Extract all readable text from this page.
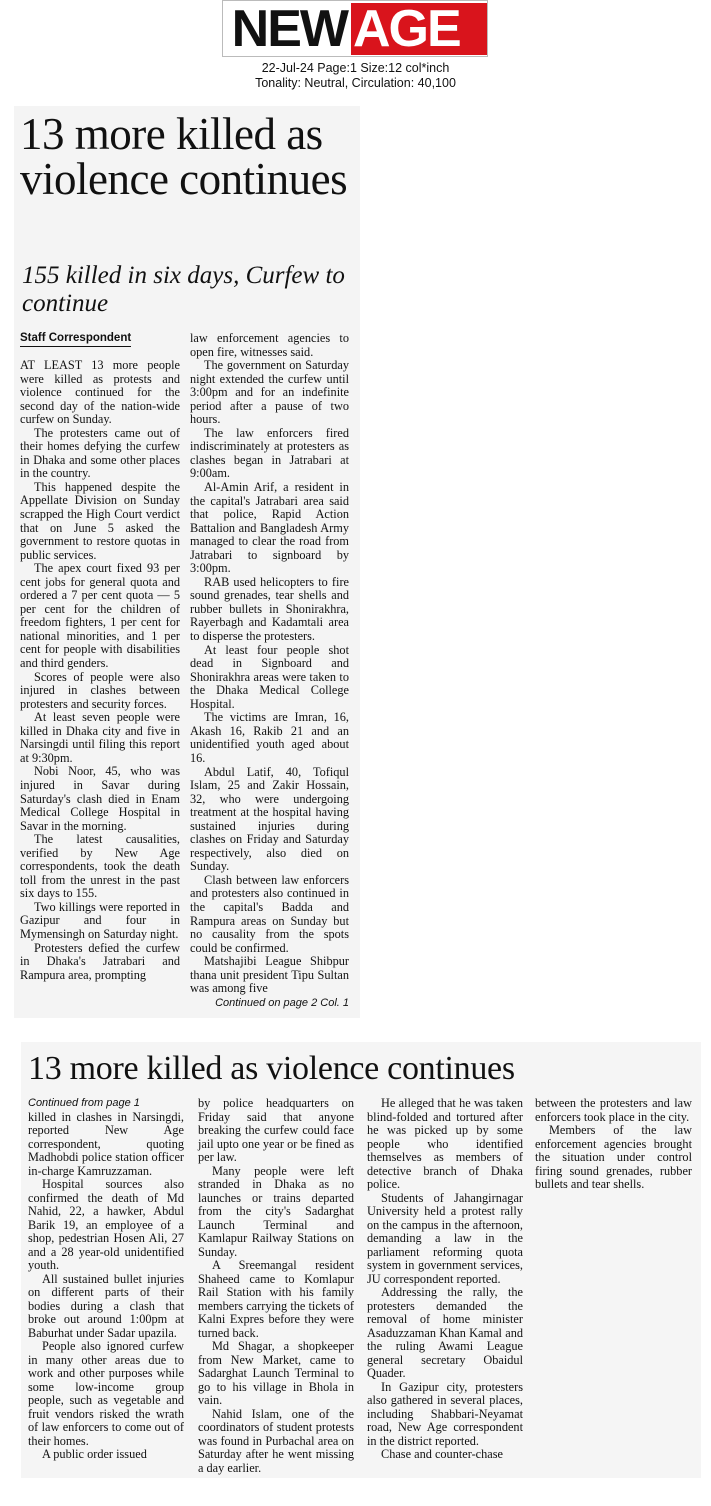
NEW AGE
22-Jul-24 Page:1 Size:12 col*inch
Tonality: Neutral, Circulation: 40,100
13 more killed as violence continues
155 killed in six days, Curfew to continue
Staff Correspondent

AT LEAST 13 more people were killed as protests and violence continued for the second day of the nation-wide curfew on Sunday.

The protesters came out of their homes defying the curfew in Dhaka and some other places in the country.

This happened despite the Appellate Division on Sunday scrapped the High Court verdict that on June 5 asked the government to restore quotas in public services.

The apex court fixed 93 per cent jobs for general quota and ordered a 7 per cent quota — 5 per cent for the children of freedom fighters, 1 per cent for national minorities, and 1 per cent for people with disabilities and third genders.

Scores of people were also injured in clashes between protesters and security forces.

At least seven people were killed in Dhaka city and five in Narsingdi until filing this report at 9:30pm.

Nobi Noor, 45, who was injured in Savar during Saturday's clash died in Enam Medical College Hospital in Savar in the morning.

The latest causalities, verified by New Age correspondents, took the death toll from the unrest in the past six days to 155.

Two killings were reported in Gazipur and four in Mymensingh on Saturday night.

Protesters defied the curfew in Dhaka's Jatrabari and Rampura area, prompting

law enforcement agencies to open fire, witnesses said.

The government on Saturday night extended the curfew until 3:00pm and for an indefinite period after a pause of two hours.

The law enforcers fired indiscriminately at protesters as clashes began in Jatrabari at 9:00am.

Al-Amin Arif, a resident in the capital's Jatrabari area said that police, Rapid Action Battalion and Bangladesh Army managed to clear the road from Jatrabari to signboard by 3:00pm.

RAB used helicopters to fire sound grenades, tear shells and rubber bullets in Shonirakhra, Rayerbagh and Kadamtali area to disperse the protesters.

At least four people shot dead in Signboard and Shonirakhra areas were taken to the Dhaka Medical College Hospital.

The victims are Imran, 16, Akash 16, Rakib 21 and an unidentified youth aged about 16.

Abdul Latif, 40, Tofiqul Islam, 25 and Zakir Hossain, 32, who were undergoing treatment at the hospital having sustained injuries during clashes on Friday and Saturday respectively, also died on Sunday.

Clash between law enforcers and protesters also continued in the capital's Badda and Rampura areas on Sunday but no causality from the spots could be confirmed.

Matshajibi League Shibpur thana unit president Tipu Sultan was among five

Continued on page 2 Col. 1
13 more killed as violence continues
Continued from page 1

killed in clashes in Narsingdi, reported New Age correspondent, quoting Madhobdi police station officer in-charge Kamruzzaman.

Hospital sources also confirmed the death of Md Nahid, 22, a hawker, Abdul Barik 19, an employee of a shop, pedestrian Hosen Ali, 27 and a 28 year-old unidentified youth.

All sustained bullet injuries on different parts of their bodies during a clash that broke out around 1:00pm at Baburhat under Sadar upazila.

People also ignored curfew in many other areas due to work and other purposes while some low-income group people, such as vegetable and fruit vendors risked the wrath of law enforcers to come out of their homes.

A public order issued

by police headquarters on Friday said that anyone breaking the curfew could face jail upto one year or be fined as per law.

Many people were left stranded in Dhaka as no launches or trains departed from the city's Sadarghat Launch Terminal and Kamlapur Railway Stations on Sunday.

A Sreemangal resident Shaheed came to Komlapur Rail Station with his family members carrying the tickets of Kalni Expres before they were turned back.

Md Shagar, a shopkeeper from New Market, came to Sadarghat Launch Terminal to go to his village in Bhola in vain.

Nahid Islam, one of the coordinators of student protests was found in Purbachal area on Saturday after he went missing a day earlier.

He alleged that he was taken blind-folded and tortured after he was picked up by some people who identified themselves as members of detective branch of Dhaka police.

Students of Jahangirnagar University held a protest rally on the campus in the afternoon, demanding a law in the parliament reforming quota system in government services, JU correspondent reported.

Addressing the rally, the protesters demanded the removal of home minister Asaduzzaman Khan Kamal and the ruling Awami League general secretary Obaidul Quader.

In Gazipur city, protesters also gathered in several places, including Shabbari-Neyamat road, New Age correspondent in the district reported.

Chase and counter-chase

between the protesters and law enforcers took place in the city.

Members of the law enforcement agencies brought the situation under control firing sound grenades, rubber bullets and tear shells.
